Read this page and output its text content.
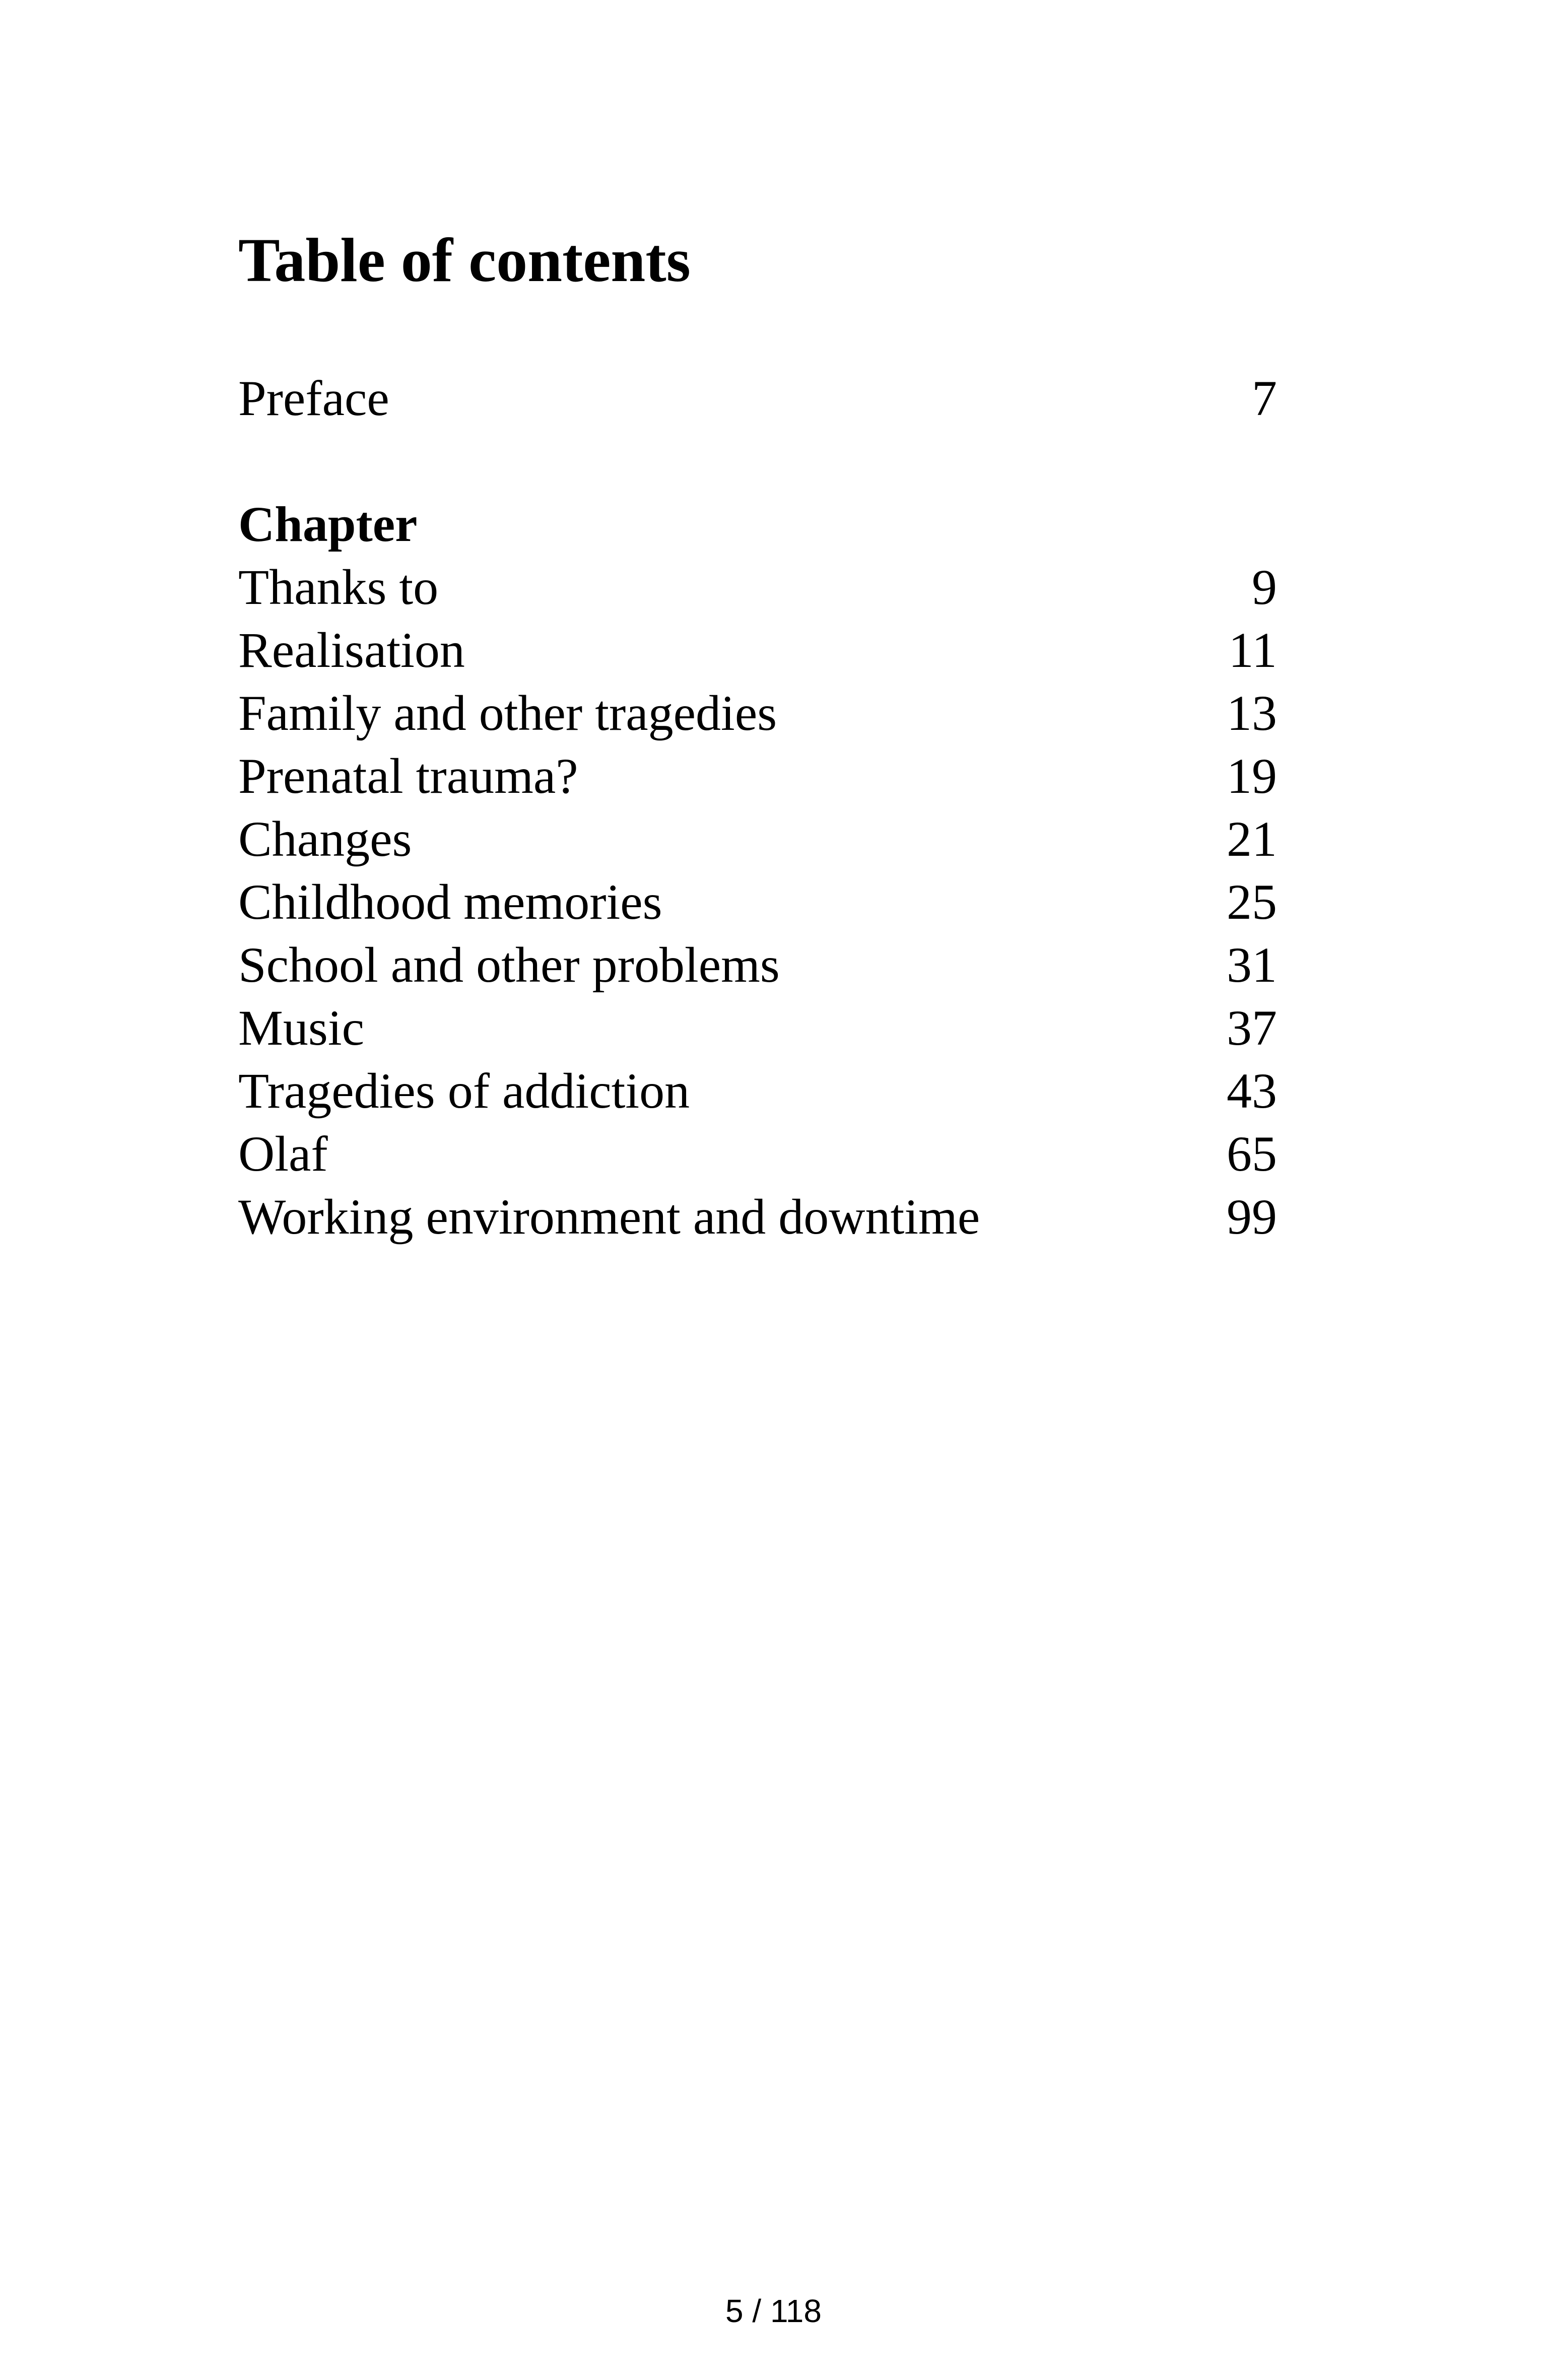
Table of contents
Preface	7
Chapter
Thanks to	9
Realisation	11
Family and other tragedies	13
Prenatal trauma?	19
Changes	21
Childhood memories	25
School and other problems	31
Music	37
Tragedies of addiction	43
Olaf	65
Working environment and downtime	99
5 / 118
